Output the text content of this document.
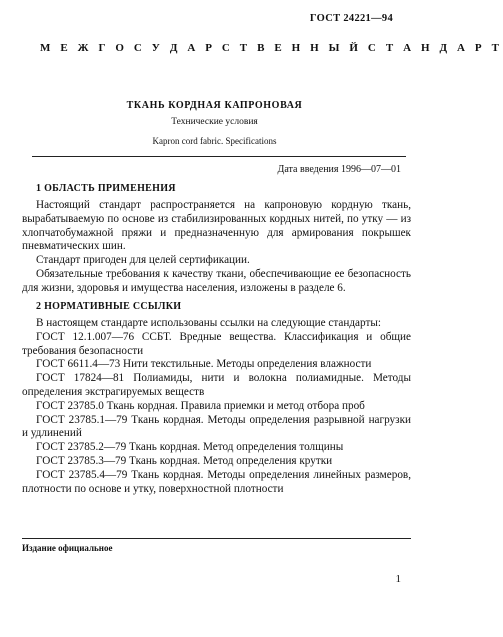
ГОСТ 24221—94
М Е Ж Г О С У Д А Р С Т В Е Н Н Ы Й С Т А Н Д А Р Т
ТКАНЬ КОРДНАЯ КАПРОНОВАЯ
Технические условия
Kapron cord fabric. Specifications
Дата введения 1996—07—01
1 ОБЛАСТЬ ПРИМЕНЕНИЯ

Настоящий стандарт распространяется на капроновую кордную ткань, вырабатываемую по основе из стабилизированных кордных нитей, по утку — из хлопчатобумажной пряжи и предназначенную для армирования покрышек пневматических шин.

Стандарт пригоден для целей сертификации.

Обязательные требования к качеству ткани, обеспечивающие ее безопасность для жизни, здоровья и имущества населения, изложены в разделе 6.

2 НОРМАТИВНЫЕ ССЫЛКИ

В настоящем стандарте использованы ссылки на следующие стандарты:

ГОСТ 12.1.007—76 ССБТ. Вредные вещества. Классификация и общие требования безопасности

ГОСТ 6611.4—73 Нити текстильные. Методы определения влажности

ГОСТ 17824—81 Полиамиды, нити и волокна полиамидные. Методы определения экстрагируемых веществ

ГОСТ 23785.0 Ткань кордная. Правила приемки и метод отбора проб

ГОСТ 23785.1—79 Ткань кордная. Методы определения разрывной нагрузки и удлинений

ГОСТ 23785.2—79 Ткань кордная. Метод определения толщины

ГОСТ 23785.3—79 Ткань кордная. Метод определения крутки

ГОСТ 23785.4—79 Ткань кордная. Методы определения линейных размеров, плотности по основе и утку, поверхностной плотности

Издание официальное
1
